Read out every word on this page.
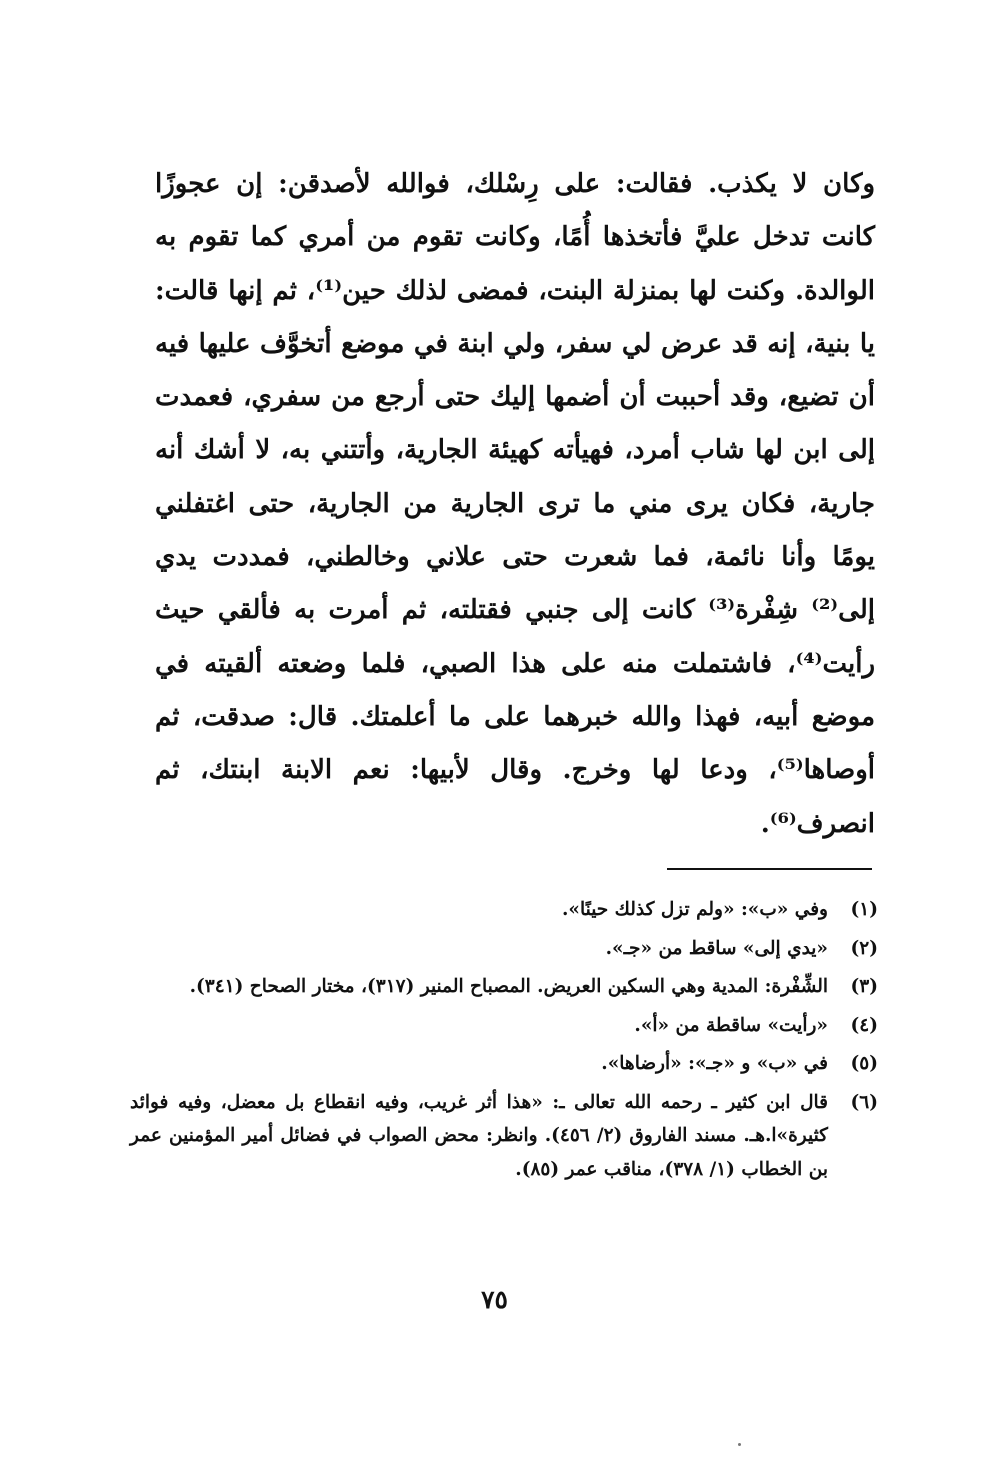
وكان لا يكذب. فقالت: على رِسْلك، فوالله لأصدقن: إن عجوزًا كانت تدخل عليَّ فأتخذها أُمًا، وكانت تقوم من أمري كما تقوم به الوالدة. وكنت لها بمنزلة البنت، فمضى لذلك حين⁽¹⁾، ثم إنها قالت: يا بنية، إنه قد عرض لي سفر، ولي ابنة في موضع أتخوَّف عليها فيه أن تضيع، وقد أحببت أن أضمها إليك حتى أرجع من سفري، فعمدت إلى ابن لها شاب أمرد، فهيأته كهيئة الجارية، وأتتني به، لا أشك أنه جارية، فكان يرى مني ما ترى الجارية من الجارية، حتى اغتفلني يومًا وأنا نائمة، فما شعرت حتى علاني وخالطني، فمددت يدي إلى⁽²⁾ شِفْرة⁽³⁾ كانت إلى جنبي فقتلته، ثم أمرت به فألقي حيث رأيت⁽⁴⁾، فاشتملت منه على هذا الصبي، فلما وضعته ألقيته في موضع أبيه، فهذا والله خبرهما على ما أعلمتك. قال: صدقت، ثم أوصاها⁽⁵⁾، ودعا لها وخرج. وقال لأبيها: نعم الابنة ابنتك، ثم انصرف⁽⁶⁾.

(١)
وفي «ب»: «ولم تزل كذلك حينًا».
(٢)
«يدي إلى» ساقط من «جـ».
(٣)
الشِّفْرة: المدية وهي السكين العريض. المصباح المنير (٣١٧)، مختار الصحاح (٣٤١).
(٤)
«رأيت» ساقطة من «أ».
(٥)
في «ب» و «جـ»: «أرضاها».
(٦)
قال ابن كثير ـ رحمه الله تعالى ـ: «هذا أثر غريب، وفيه انقطاع بل معضل، وفيه فوائد كثيرة»ا.هـ. مسند الفاروق (٢/ ٤٥٦). وانظر: محض الصواب في فضائل أمير المؤمنين عمر بن الخطاب (١/ ٣٧٨)، مناقب عمر (٨٥).
٧٥
